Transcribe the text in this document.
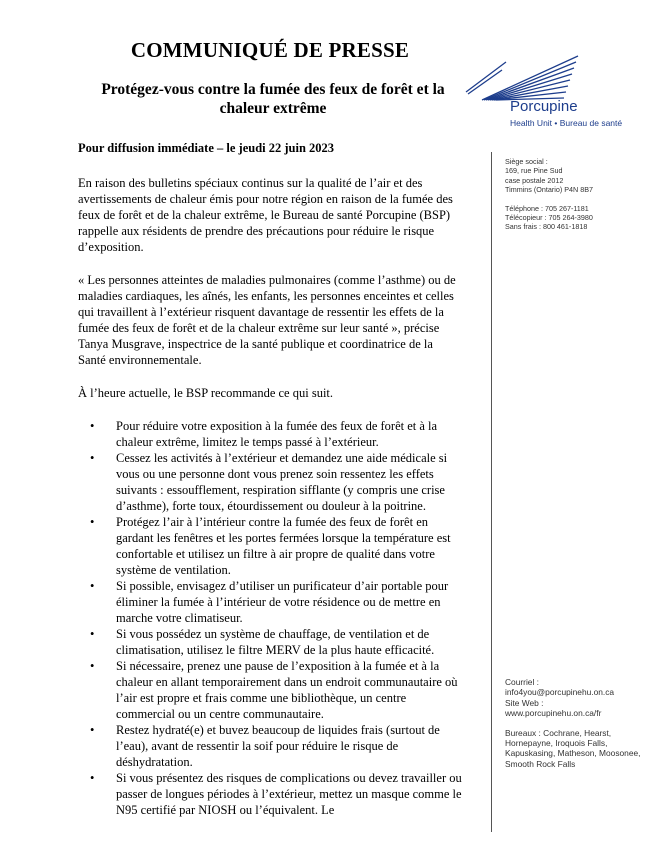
COMMUNIQUÉ DE PRESSE
Protégez-vous contre la fumée des feux de forêt et la chaleur extrême	Porcupine
Health Unit • Bureau de santé
Siège social :
169, rue Pine Sud
case postale 2012
Timmins (Ontario) P4N 8B7
Téléphone : 705 267-1181
Télécopieur : 705 264-3980
Sans frais : 800 461-1818
Courriel :
info4you@porcupinehu.on.ca
Site Web :
www.porcupinehu.on.ca/fr
Bureaux : Cochrane, Hearst, Hornepayne, Iroquois Falls, Kapuskasing, Matheson, Moosonee, Smooth Rock Falls

Pour diffusion immédiate – le jeudi 22 juin 2023

En raison des bulletins spéciaux continus sur la qualité de l’air et des avertissements de chaleur émis pour notre région en raison de la fumée des feux de forêt et de la chaleur extrême, le Bureau de santé Porcupine (BSP) rappelle aux résidents de prendre des précautions pour réduire le risque d’exposition.

« Les personnes atteintes de maladies pulmonaires (comme l’asthme) ou de maladies cardiaques, les aînés, les enfants, les personnes enceintes et celles qui travaillent à l’extérieur risquent davantage de ressentir les effets de la fumée des feux de forêt et de la chaleur extrême sur leur santé », précise Tanya Musgrave, inspectrice de la santé publique et coordinatrice de la Santé environnementale.

À l’heure actuelle, le BSP recommande ce qui suit.

• Pour réduire votre exposition à la fumée des feux de forêt et à la chaleur extrême, limitez le temps passé à l’extérieur.
• Cessez les activités à l’extérieur et demandez une aide médicale si vous ou une personne dont vous prenez soin ressentez les effets suivants : essoufflement, respiration sifflante (y compris une crise d’asthme), forte toux, étourdissement ou douleur à la poitrine.
• Protégez l’air à l’intérieur contre la fumée des feux de forêt en gardant les fenêtres et les portes fermées lorsque la température est confortable et utilisez un filtre à air propre de qualité dans votre système de ventilation.
• Si possible, envisagez d’utiliser un purificateur d’air portable pour éliminer la fumée à l’intérieur de votre résidence ou de mettre en marche votre climatiseur.
• Si vous possédez un système de chauffage, de ventilation et de climatisation, utilisez le filtre MERV de la plus haute efficacité.
• Si nécessaire, prenez une pause de l’exposition à la fumée et à la chaleur en allant temporairement dans un endroit communautaire où l’air est propre et frais comme une bibliothèque, un centre commercial ou un centre communautaire.
• Restez hydraté(e) et buvez beaucoup de liquides frais (surtout de l’eau), avant de ressentir la soif pour réduire le risque de déshydratation.
• Si vous présentez des risques de complications ou devez travailler ou passer de longues périodes à l’extérieur, mettez un masque comme le N95 certifié par NIOSH ou l’équivalent. Le
